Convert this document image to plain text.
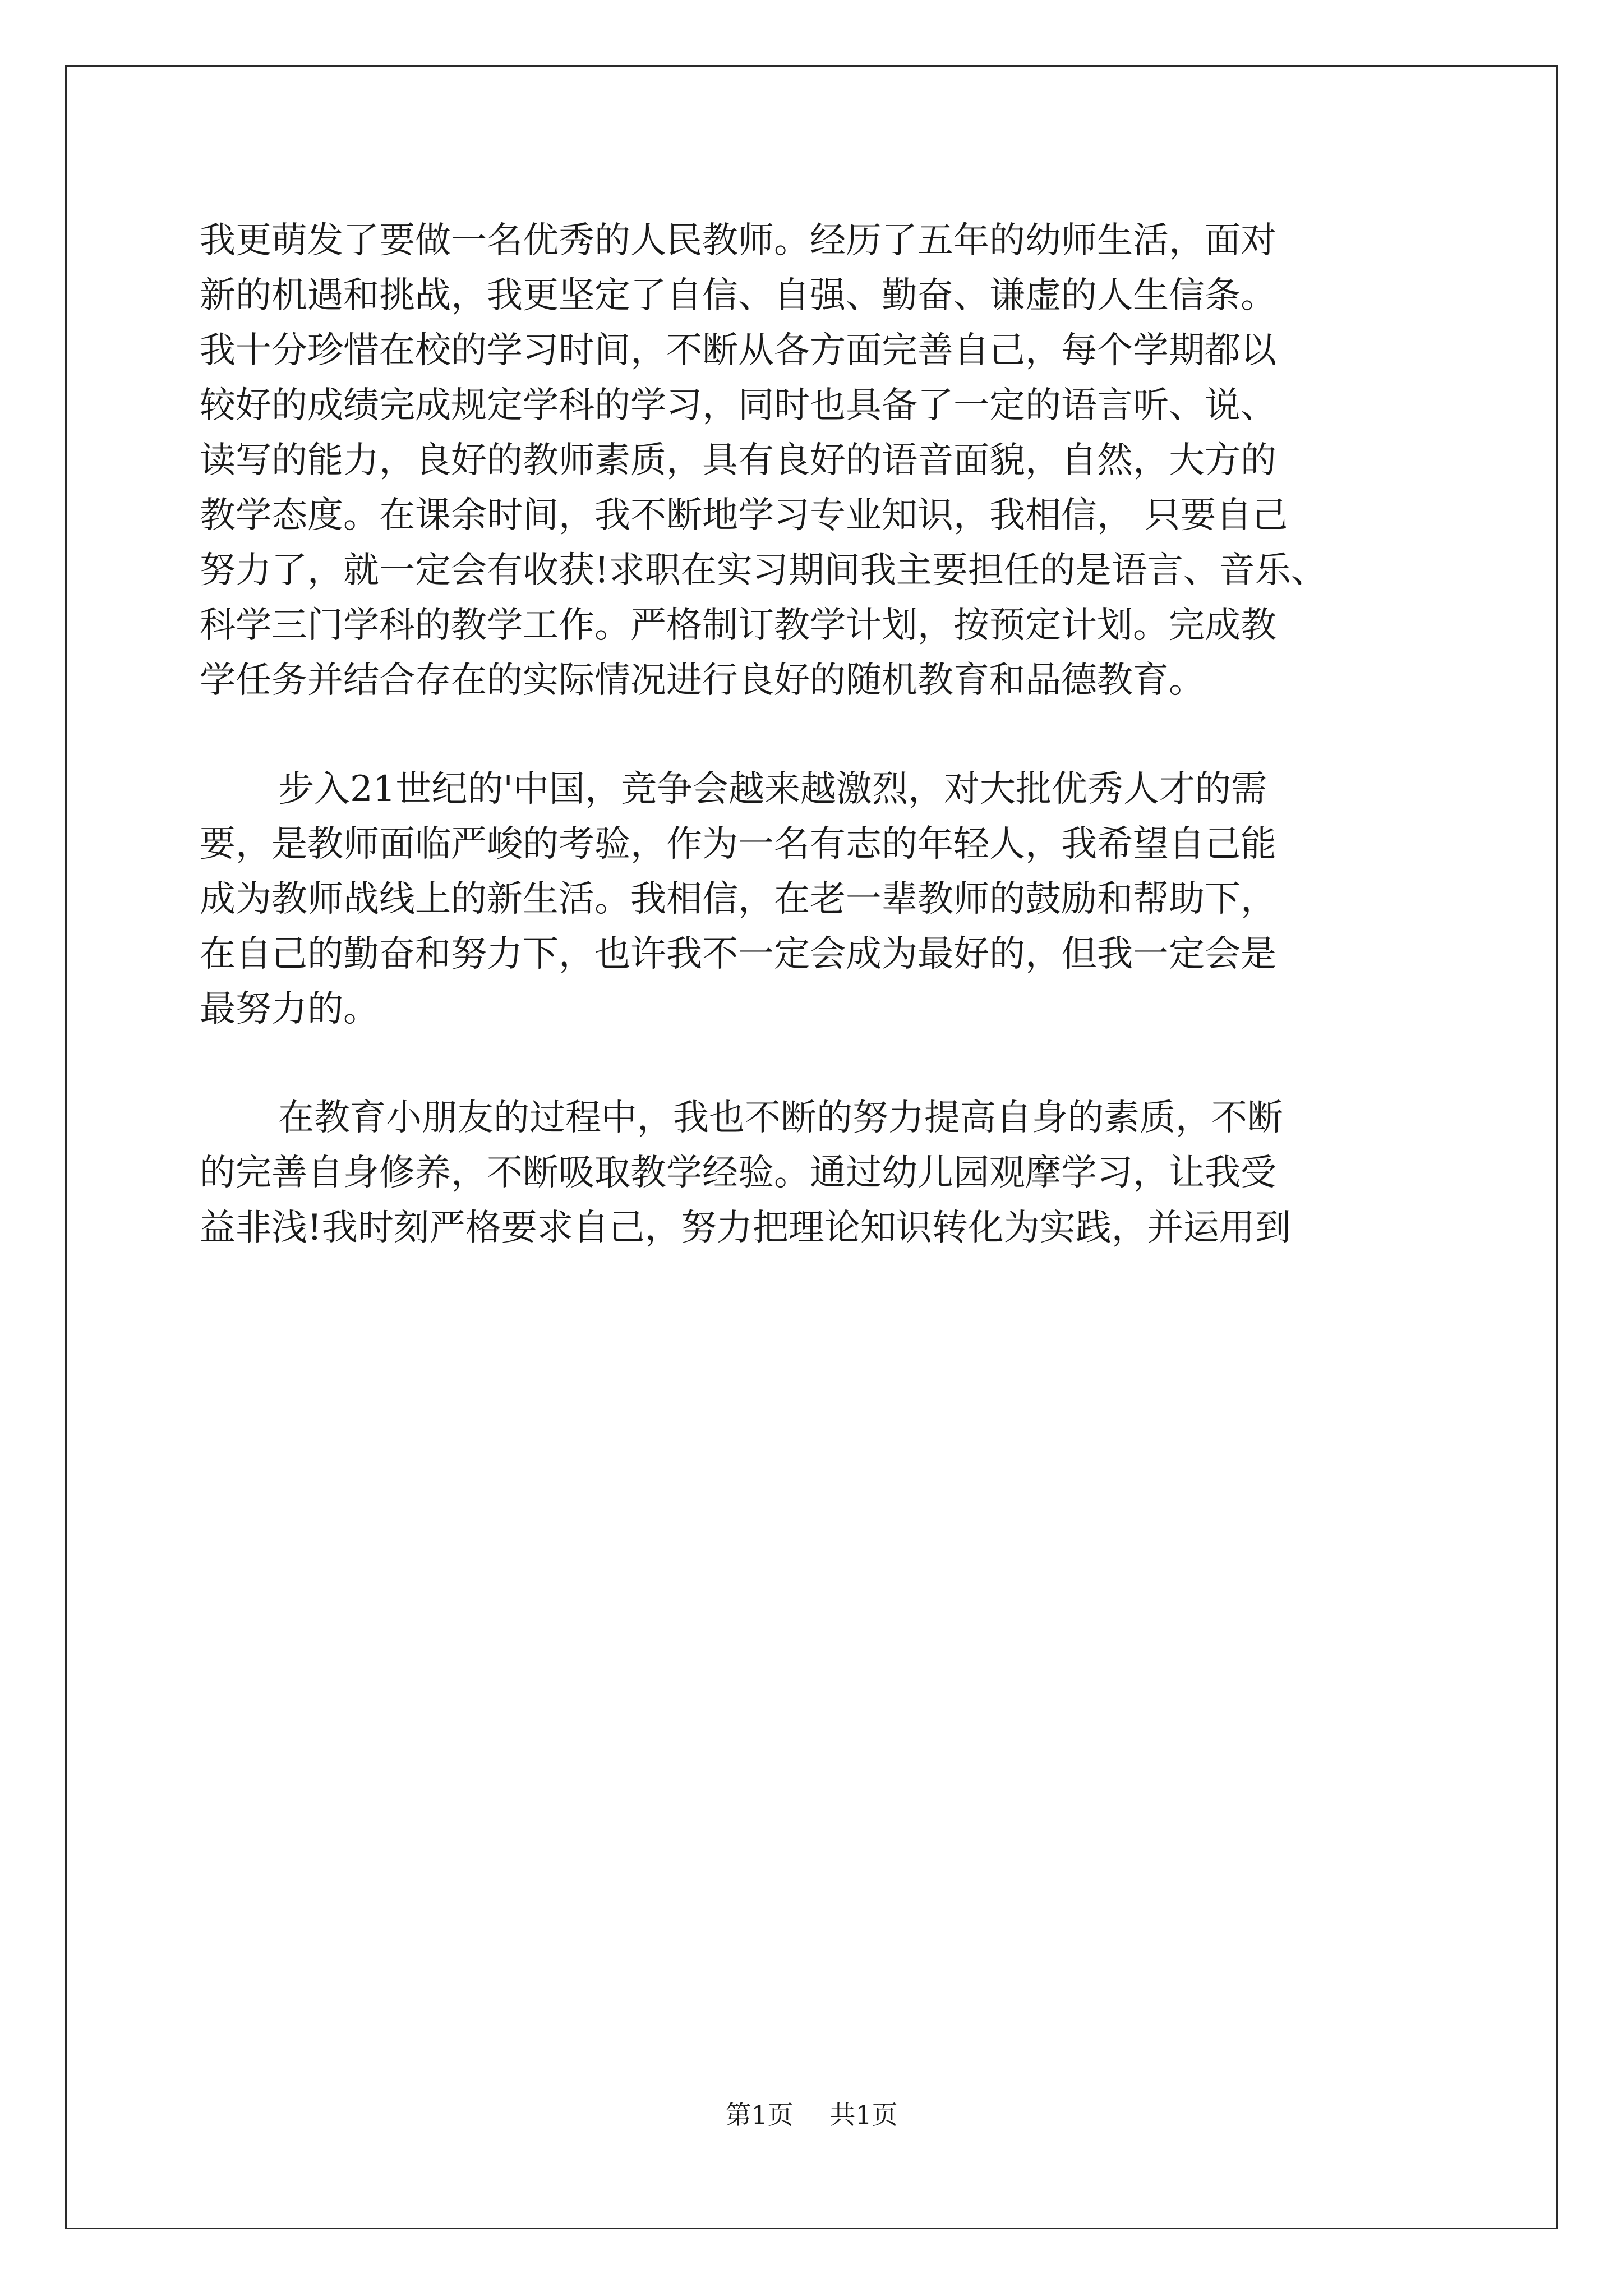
我更萌发了要做一名优秀的人民教师。经历了五年的幼师生活，面对

新的机遇和挑战，我更坚定了自信、自强、勤奋、谦虚的人生信条。

我十分珍惜在校的学习时间，不断从各方面完善自己，每个学期都以

较好的成绩完成规定学科的学习，同时也具备了一定的语言听、说、

读写的能力，良好的教师素质，具有良好的语音面貌，自然，大方的

教学态度。在课余时间，我不断地学习专业知识，我相信， 只要自己

努力了，就一定会有收获!求职在实习期间我主要担任的是语言、音乐、

科学三门学科的教学工作。严格制订教学计划，按预定计划。完成教

学任务并结合存在的实际情况进行良好的随机教育和品德教育。

步入21世纪的'中国，竞争会越来越激烈，对大批优秀人才的需

要，是教师面临严峻的考验，作为一名有志的年轻人，我希望自己能

成为教师战线上的新生活。我相信，在老一辈教师的鼓励和帮助下，

在自己的勤奋和努力下，也许我不一定会成为最好的，但我一定会是

最努力的。

在教育小朋友的过程中，我也不断的努力提高自身的素质，不断

的完善自身修养，不断吸取教学经验。通过幼儿园观摩学习，让我受

益非浅!我时刻严格要求自己，努力把理论知识转化为实践，并运用到

第1页 共1页
